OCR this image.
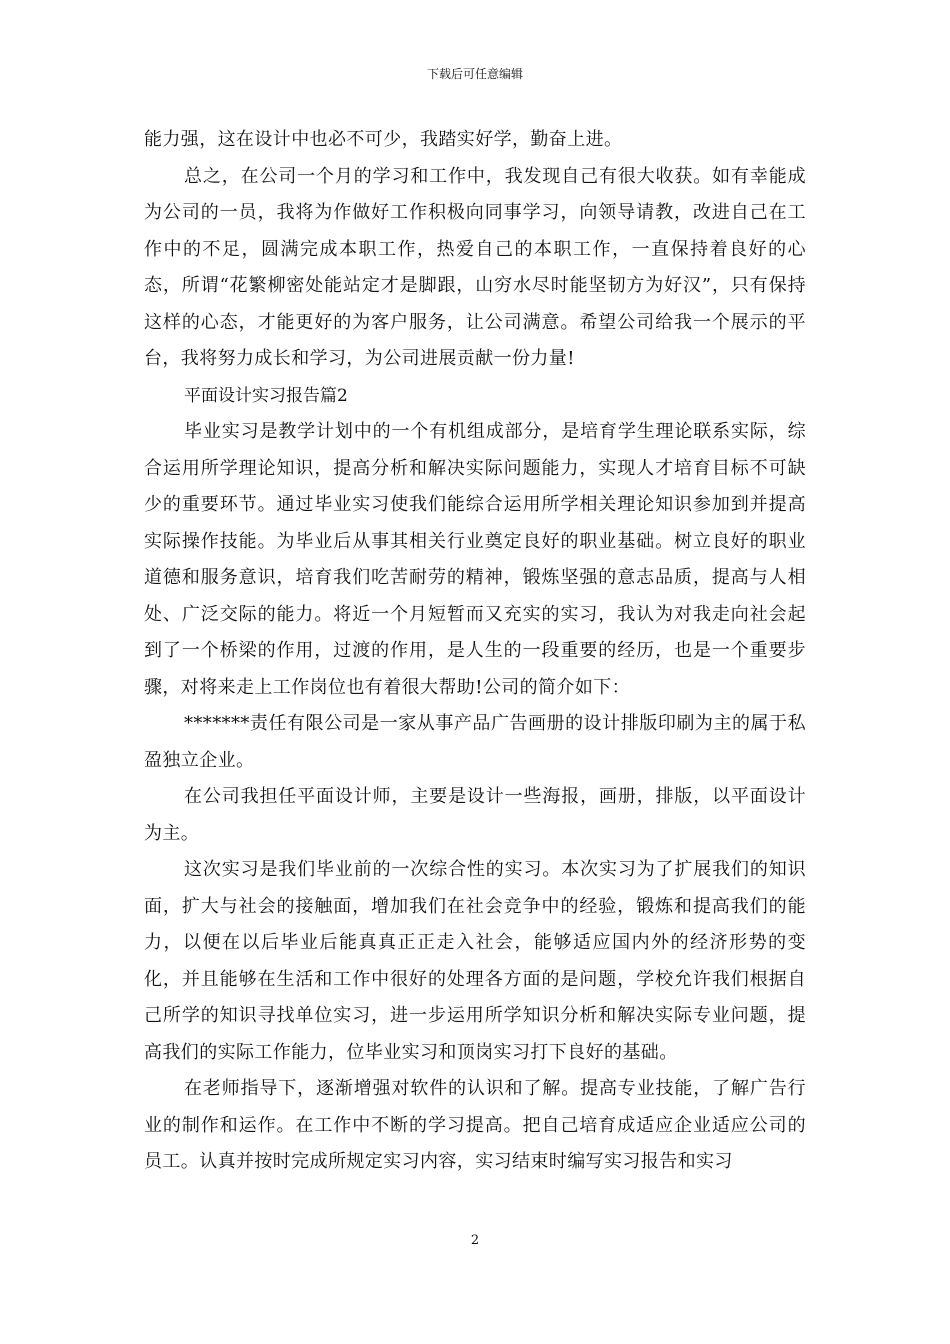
下载后可任意编辑

能力强，这在设计中也必不可少，我踏实好学，勤奋上进。

总之，在公司一个月的学习和工作中，我发现自己有很大收获。如有幸能成为公司的一员，我将为作做好工作积极向同事学习，向领导请教，改进自己在工作中的不足，圆满完成本职工作，热爱自己的本职工作，一直保持着良好的心态，所谓“花繁柳密处能站定才是脚跟，山穷水尽时能坚韧方为好汉”，只有保持这样的心态，才能更好的为客户服务，让公司满意。希望公司给我一个展示的平台，我将努力成长和学习，为公司进展贡献一份力量!

平面设计实习报告篇2

毕业实习是教学计划中的一个有机组成部分，是培育学生理论联系实际，综合运用所学理论知识，提高分析和解决实际问题能力，实现人才培育目标不可缺少的重要环节。通过毕业实习使我们能综合运用所学相关理论知识参加到并提高实际操作技能。为毕业后从事其相关行业奠定良好的职业基础。树立良好的职业道德和服务意识，培育我们吃苦耐劳的精神，锻炼坚强的意志品质，提高与人相处、广泛交际的能力。将近一个月短暂而又充实的实习，我认为对我走向社会起到了一个桥梁的作用，过渡的作用，是人生的一段重要的经历，也是一个重要步骤，对将来走上工作岗位也有着很大帮助!公司的简介如下：

*******责任有限公司是一家从事产品广告画册的设计排版印刷为主的属于私盈独立企业。

在公司我担任平面设计师，主要是设计一些海报，画册，排版，以平面设计为主。

这次实习是我们毕业前的一次综合性的实习。本次实习为了扩展我们的知识面，扩大与社会的接触面，增加我们在社会竞争中的经验，锻炼和提高我们的能力，以便在以后毕业后能真真正正走入社会，能够适应国内外的经济形势的变化，并且能够在生活和工作中很好的处理各方面的是问题，学校允许我们根据自己所学的知识寻找单位实习，进一步运用所学知识分析和解决实际专业问题，提高我们的实际工作能力，位毕业实习和顶岗实习打下良好的基础。

在老师指导下，逐渐增强对软件的认识和了解。提高专业技能，了解广告行业的制作和运作。在工作中不断的学习提高。把自己培育成适应企业适应公司的员工。认真并按时完成所规定实习内容，实习结束时编写实习报告和实习

2
